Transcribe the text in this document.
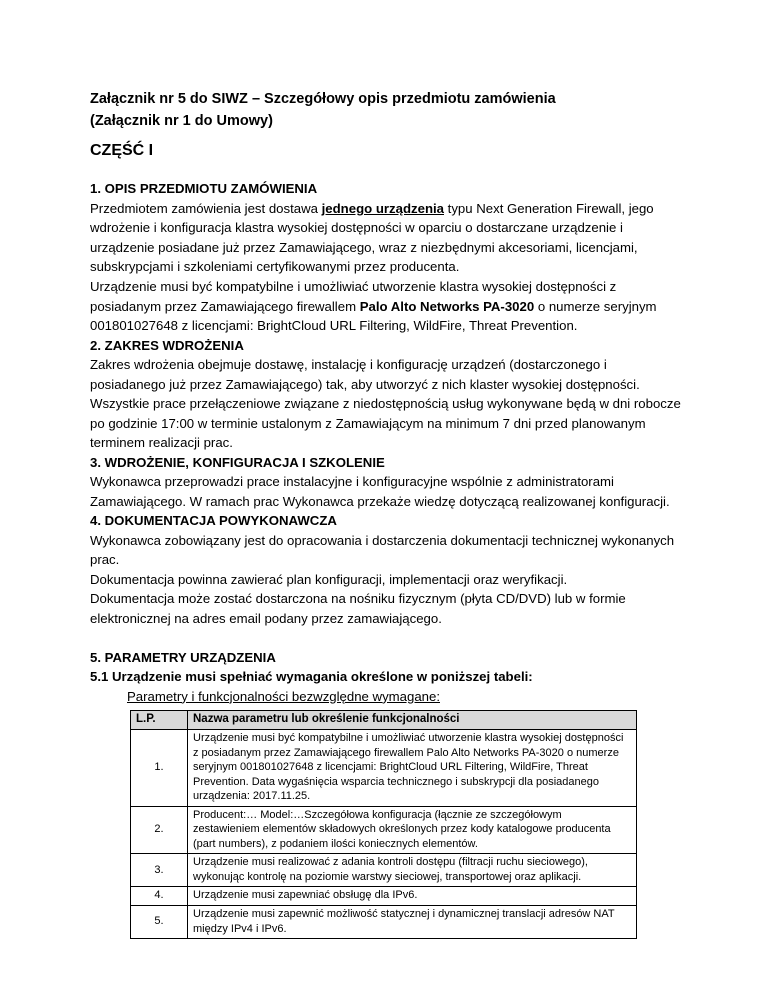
Załącznik nr 5 do SIWZ – Szczegółowy opis przedmiotu zamówienia

(Załącznik nr 1 do Umowy)

CZĘŚĆ I

1. OPIS PRZEDMIOTU ZAMÓWIENIA

Przedmiotem zamówienia jest dostawa jednego urządzenia typu Next Generation Firewall, jego wdrożenie i konfiguracja klastra wysokiej dostępności w oparciu o dostarczane urządzenie i urządzenie posiadane już przez Zamawiającego, wraz z niezbędnymi akcesoriami, licencjami, subskrypcjami i szkoleniami certyfikowanymi przez producenta.

Urządzenie musi być kompatybilne i umożliwiać utworzenie klastra wysokiej dostępności z posiadanym przez Zamawiającego firewallem Palo Alto Networks PA-3020 o numerze seryjnym 001801027648 z licencjami: BrightCloud URL Filtering, WildFire, Threat Prevention.

2. ZAKRES WDROŻENIA

Zakres wdrożenia obejmuje dostawę, instalację i konfigurację urządzeń (dostarczonego i posiadanego już przez Zamawiającego) tak, aby utworzyć z nich klaster wysokiej dostępności. Wszystkie prace przełączeniowe związane z niedostępnością usług wykonywane będą w dni robocze po godzinie 17:00 w terminie ustalonym z Zamawiającym na minimum 7 dni przed planowanym terminem realizacji prac.

3. WDROŻENIE, KONFIGURACJA I SZKOLENIE

Wykonawca przeprowadzi prace instalacyjne i konfiguracyjne wspólnie z administratorami Zamawiającego. W ramach prac Wykonawca przekaże wiedzę dotyczącą realizowanej konfiguracji.

4. DOKUMENTACJA POWYKONAWCZA

Wykonawca zobowiązany jest do opracowania i dostarczenia dokumentacji technicznej wykonanych prac.

Dokumentacja powinna zawierać plan konfiguracji, implementacji oraz weryfikacji.

Dokumentacja może zostać dostarczona na nośniku fizycznym (płyta CD/DVD) lub w formie elektronicznej na adres email podany przez zamawiającego.

5. PARAMETRY URZĄDZENIA

5.1 Urządzenie musi spełniać wymagania określone w poniższej tabeli:

Parametry i funkcjonalności bezwzględne wymagane:

L.P.	Nazwa parametru lub określenie funkcjonalności
1.	Urządzenie musi być kompatybilne i umożliwiać utworzenie klastra wysokiej dostępności z posiadanym przez Zamawiającego firewallem Palo Alto Networks PA-3020 o numerze seryjnym 001801027648 z licencjami: BrightCloud URL Filtering, WildFire, Threat Prevention. Data wygaśnięcia wsparcia technicznego i subskrypcji dla posiadanego urządzenia: 2017.11.25.
2.	Producent:… Model:…Szczegółowa konfiguracja (łącznie ze szczegółowym zestawieniem elementów składowych określonych przez kody katalogowe producenta (part numbers), z podaniem ilości koniecznych elementów.
3.	Urządzenie musi realizować z adania kontroli dostępu (filtracji ruchu sieciowego), wykonując kontrolę na poziomie warstwy sieciowej, transportowej oraz aplikacji.
4.	Urządzenie musi zapewniać obsługę dla IPv6.
5.	Urządzenie musi zapewnić możliwość statycznej i dynamicznej translacji adresów NAT między IPv4 i IPv6.
